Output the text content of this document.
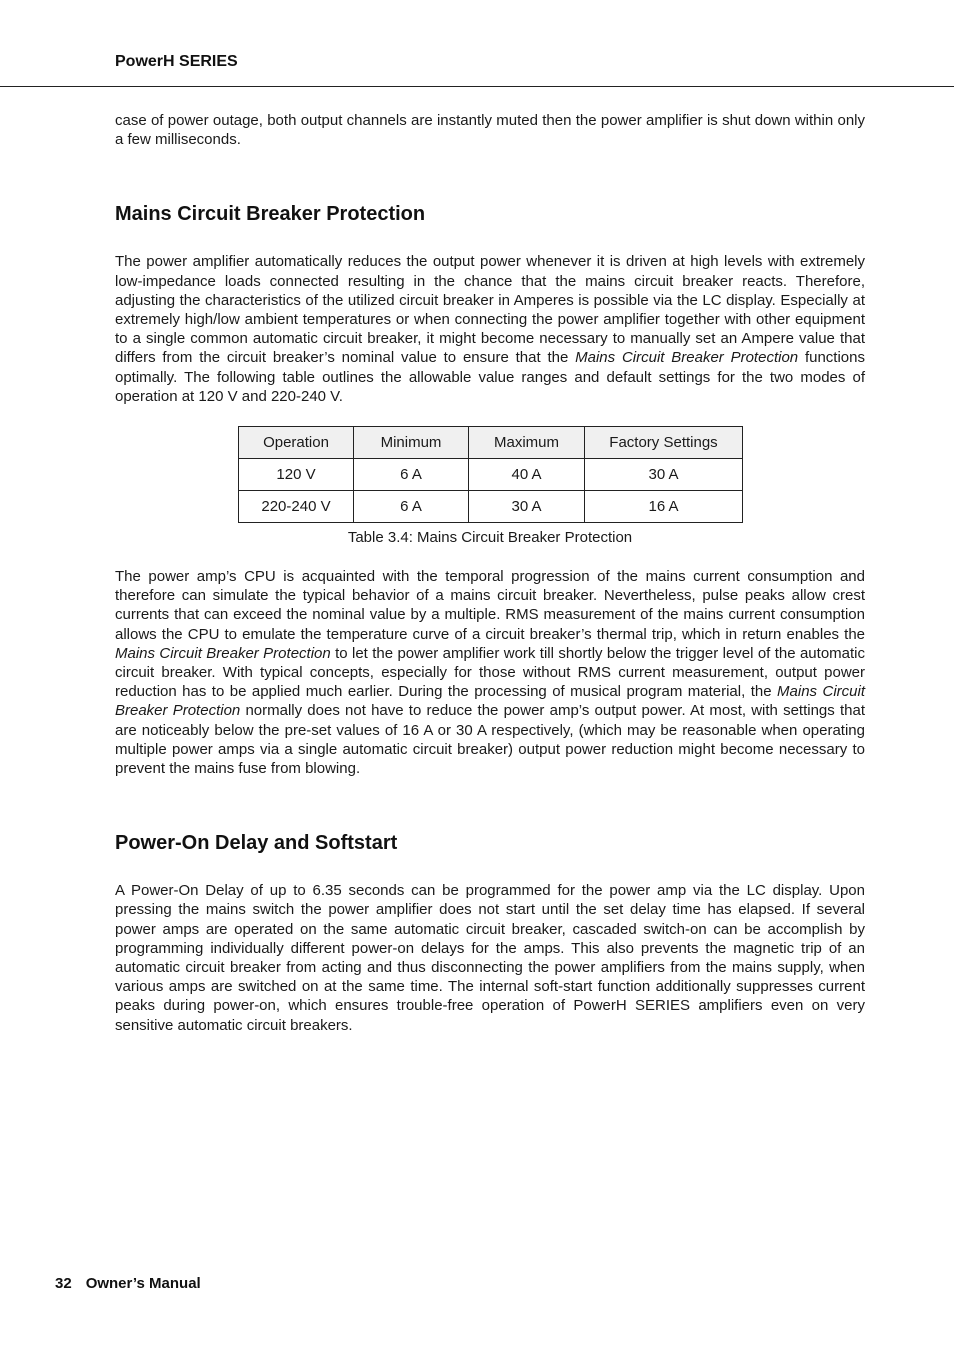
PowerH SERIES

case of power outage, both output channels are instantly muted then the power amplifier is shut down within only a few milliseconds.

Mains Circuit Breaker Protection

The power amplifier automatically reduces the output power whenever it is driven at high levels with extremely low-impedance loads connected resulting in the chance that the mains circuit breaker reacts. Therefore, adjusting the characteristics of the utilized circuit breaker in Amperes is possible via the LC display. Especially at extremely high/low ambient temperatures or when connecting the power amplifier together with other equipment to a single common automatic circuit breaker, it might become necessary to manually set an Ampere value that differs from the circuit breaker’s nominal value to ensure that the Mains Circuit Breaker Protection functions optimally. The following table outlines the allowable value ranges and default settings for the two modes of operation at 120 V and 220-240 V.

Operation	Minimum	Maximum	Factory Settings
120 V	6 A	40 A	30 A
220-240 V	6 A	30 A	16 A
Table 3.4: Mains Circuit Breaker Protection

The power amp’s CPU is acquainted with the temporal progression of the mains current consumption and therefore can simulate the typical behavior of a mains circuit breaker. Nevertheless, pulse peaks allow crest currents that can exceed the nominal value by a multiple. RMS measurement of the mains current consumption allows the CPU to emulate the temperature curve of a circuit breaker’s thermal trip, which in return enables the Mains Circuit Breaker Protection to let the power amplifier work till shortly below the trigger level of the automatic circuit breaker. With typical concepts, especially for those without RMS current measurement, output power reduction has to be applied much earlier. During the processing of musical program material, the Mains Circuit Breaker Protection normally does not have to reduce the power amp’s output power. At most, with settings that are noticeably below the pre-set values of 16 A or 30 A respectively, (which may be reasonable when operating multiple power amps via a single automatic circuit breaker) output power reduction might become necessary to prevent the mains fuse from blowing.

Power-On Delay and Softstart

A Power-On Delay of up to 6.35 seconds can be programmed for the power amp via the LC display. Upon pressing the mains switch the power amplifier does not start until the set delay time has elapsed. If several power amps are operated on the same automatic circuit breaker, cascaded switch-on can be accomplish by programming individually different power-on delays for the amps. This also prevents the magnetic trip of an automatic circuit breaker from acting and thus disconnecting the power amplifiers from the mains supply, when various amps are switched on at the same time. The internal soft-start function additionally suppresses current peaks during power-on, which ensures trouble-free operation of PowerH SERIES amplifiers even on very sensitive automatic circuit breakers.

32 Owner’s Manual
